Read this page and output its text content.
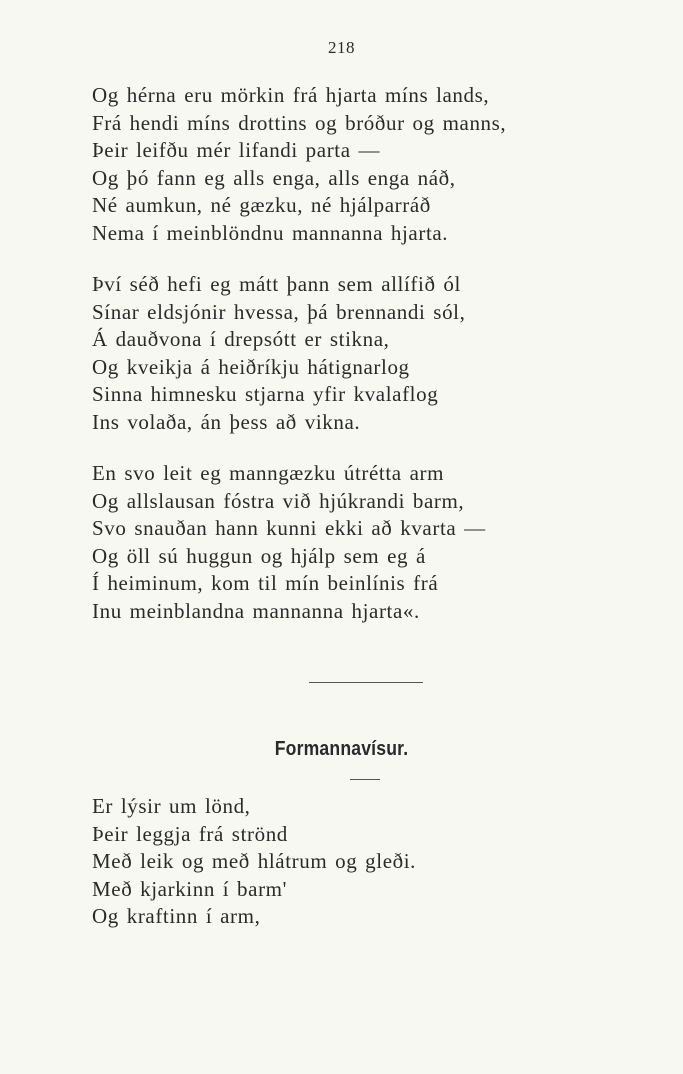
218
Og hérna eru mörkin frá hjarta míns lands,
Frá hendi míns drottins og bróður og manns,
Þeir leifðu mér lifandi parta —
Og þó fann eg alls enga, alls enga náð,
Né aumkun, né gæzku, né hjálparráð
Nema í meinblöndnu mannanna hjarta.
Því séð hefi eg mátt þann sem allífið ól
Sínar eldsjónir hvessa, þá brennandi sól,
Á dauðvona í drepsótt er stikna,
Og kveikja á heiðríkju hátignarlog
Sinna himnesku stjarna yfir kvalaflog
Ins volaða, án þess að vikna.
En svo leit eg manngæzku útrétta arm
Og allslausan fóstra við hjúkrandi barm,
Svo snauðan hann kunni ekki að kvarta —
Og öll sú huggun og hjálp sem eg á
Í heiminum, kom til mín beinlínis frá
Inu meinblandna mannanna hjarta«.
Formannavísur.
Er lýsir um lönd,
Þeir leggja frá strönd
Með leik og með hlátrum og gleði.
Með kjarkinn í barm'
Og kraftinn í arm,
